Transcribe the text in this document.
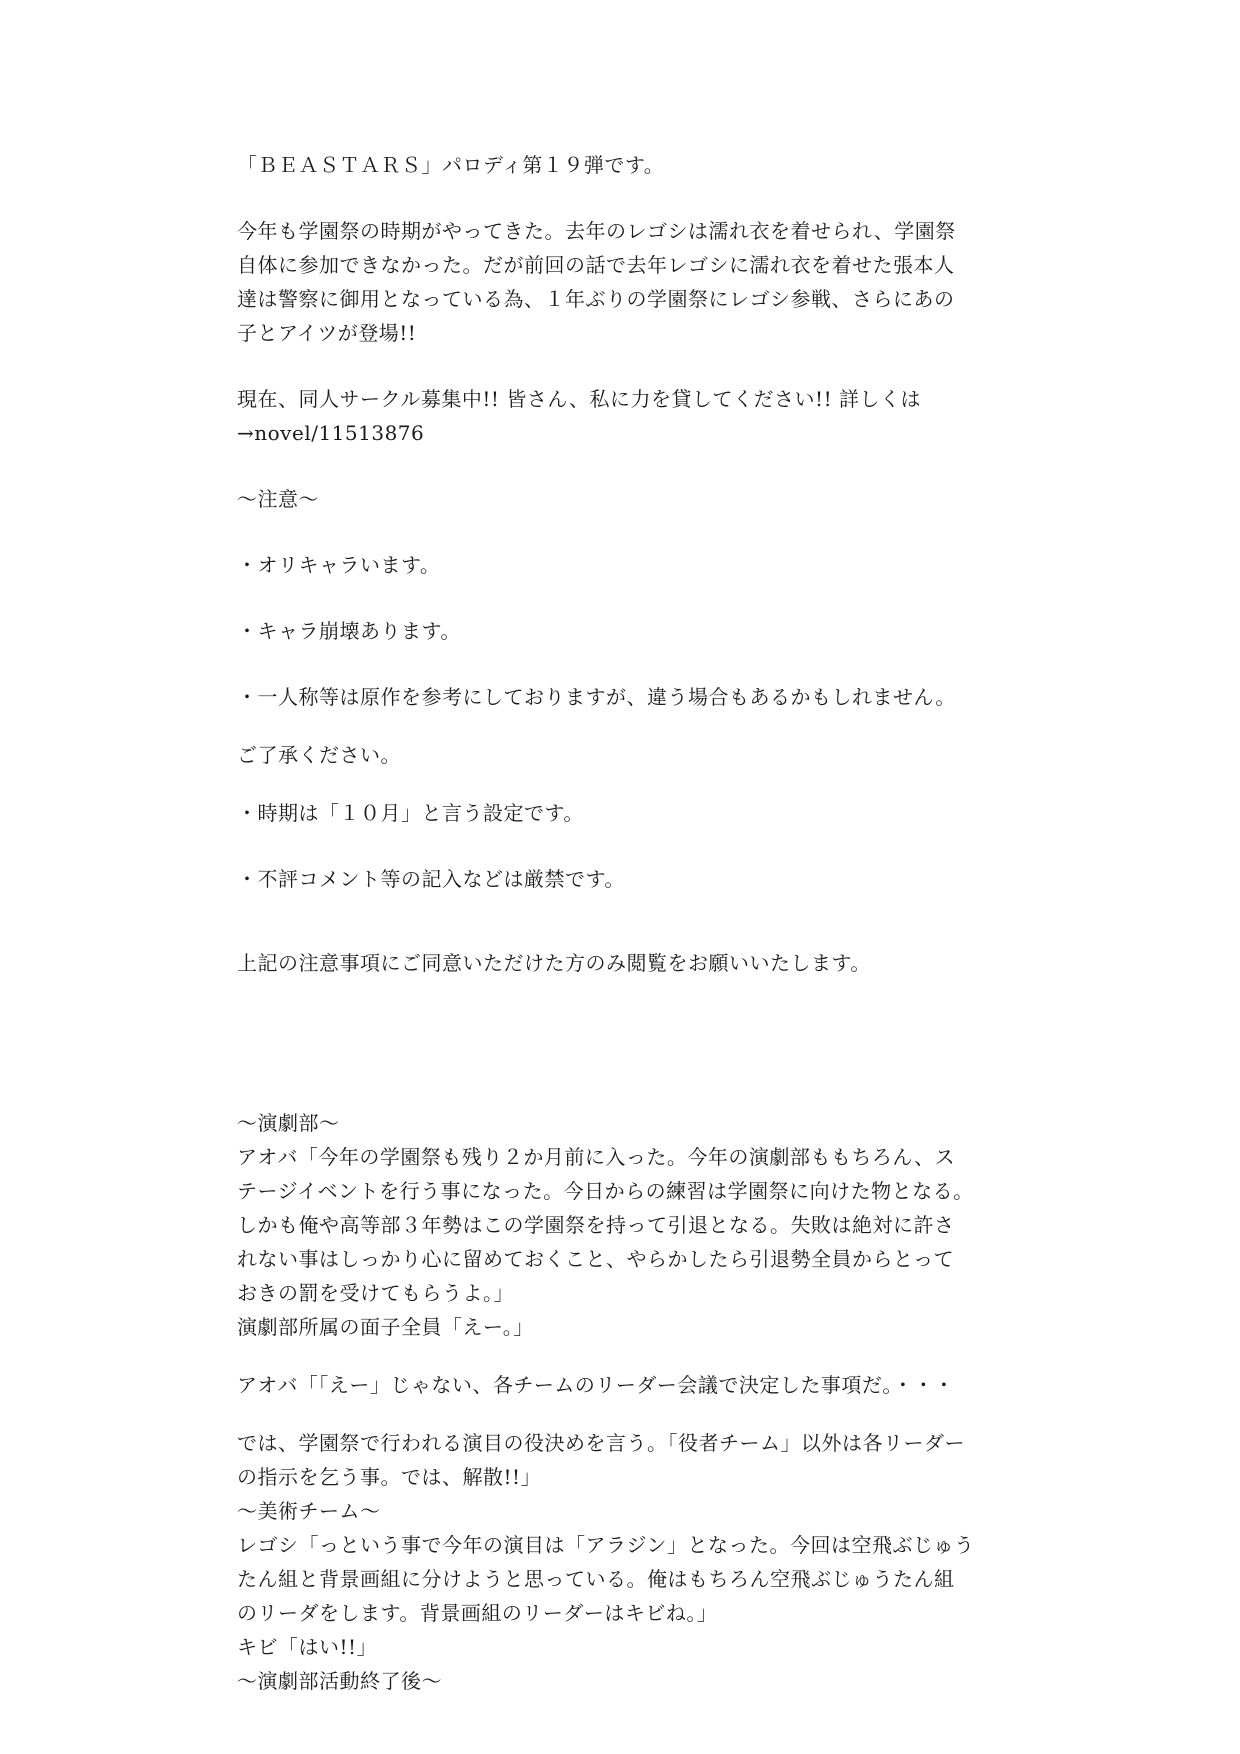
「ＢＥＡＳＴＡＲＳ」パロディ第１９弾です。
今年も学園祭の時期がやってきた。去年のレゴシは濡れ衣を着せられ、学園祭
自体に参加できなかった。だが前回の話で去年レゴシに濡れ衣を着せた張本人
達は警察に御用となっている為、１年ぶりの学園祭にレゴシ参戦、さらにあの
子とアイツが登場!!
現在、同人サークル募集中!! 皆さん、私に力を貸してください!! 詳しくは
→novel/11513876
～注意～
・オリキャラいます。
・キャラ崩壊あります。
・一人称等は原作を参考にしておりますが、違う場合もあるかもしれません。
ご了承ください。
・時期は「１０月」と言う設定です。
・不評コメント等の記入などは厳禁です。
上記の注意事項にご同意いただけた方のみ閲覧をお願いいたします。
～演劇部～
アオバ「今年の学園祭も残り２か月前に入った。今年の演劇部ももちろん、ス
テージイベントを行う事になった。今日からの練習は学園祭に向けた物となる。
しかも俺や高等部３年勢はこの学園祭を持って引退となる。失敗は絶対に許さ
れない事はしっかり心に留めておくこと、やらかしたら引退勢全員からとって
おきの罰を受けてもらうよ。」
演劇部所属の面子全員「えー。」
アオバ「「えー」じゃない、各チームのリーダー会議で決定した事項だ。・・・
では、学園祭で行われる演目の役決めを言う。「役者チーム」以外は各リーダー
の指示を乞う事。では、解散!!」
～美術チーム～
レゴシ「っという事で今年の演目は「アラジン」となった。今回は空飛ぶじゅう
たん組と背景画組に分けようと思っている。俺はもちろん空飛ぶじゅうたん組
のリーダをします。背景画組のリーダーはキビね。」
キビ「はい!!」
～演劇部活動終了後～
